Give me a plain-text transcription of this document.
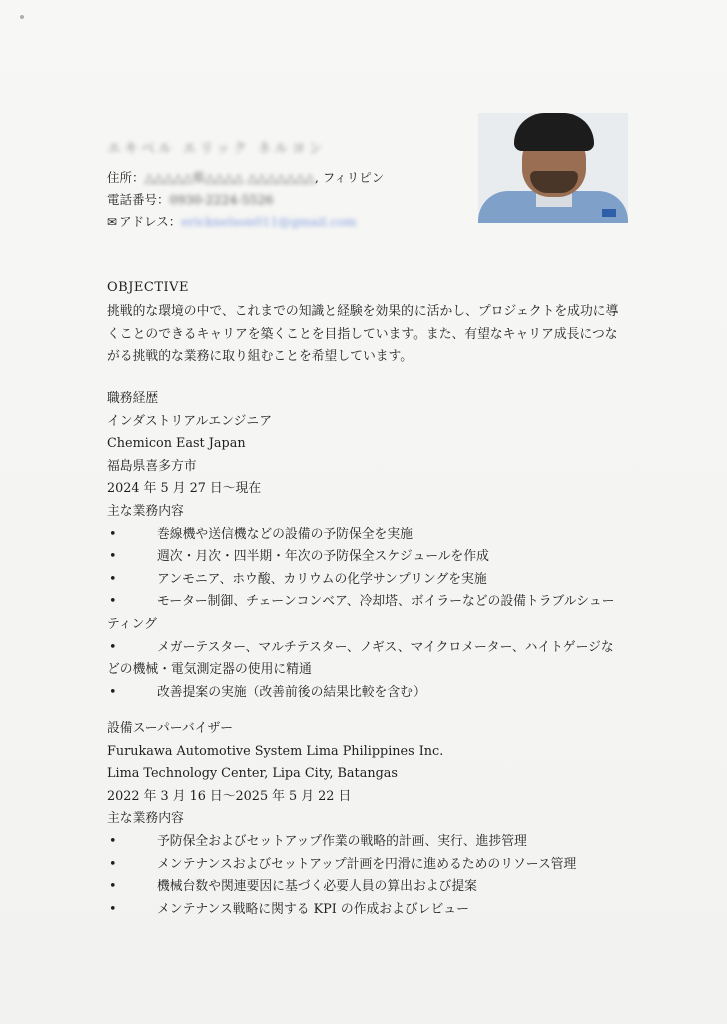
エキベル エリック ネルヨン
住所：△△△△△県△△△△ △△△△△△△, フィリピン
電話番号：0930-2224-5526
✉ アドレス：ericknelson011@gmail.com
OBJECTIVE
挑戦的な環境の中で、これまでの知識と経験を効果的に活かし、プロジェクトを成功に導
くことのできるキャリアを築くことを目指しています。また、有望なキャリア成長につな
がる挑戦的な業務に取り組むことを希望しています。
職務経歴
インダストリアルエンジニア
Chemicon East Japan
福島県喜多方市
2024 年 5 月 27 日～現在
主な業務内容
•	巻線機や送信機などの設備の予防保全を実施
•	週次・月次・四半期・年次の予防保全スケジュールを作成
•	アンモニア、ホウ酸、カリウムの化学サンプリングを実施
•	モーター制御、チェーンコンベア、冷却塔、ボイラーなどの設備トラブルシュー
ティング
•	メガーテスター、マルチテスター、ノギス、マイクロメーター、ハイトゲージな
どの機械・電気測定器の使用に精通
•	改善提案の実施（改善前後の結果比較を含む）
設備スーパーバイザー
Furukawa Automotive System Lima Philippines Inc.
Lima Technology Center, Lipa City, Batangas
2022 年 3 月 16 日～2025 年 5 月 22 日
主な業務内容
•	予防保全およびセットアップ作業の戦略的計画、実行、進捗管理
•	メンテナンスおよびセットアップ計画を円滑に進めるためのリソース管理
•	機械台数や関連要因に基づく必要人員の算出および提案
•	メンテナンス戦略に関する KPI の作成およびレビュー
